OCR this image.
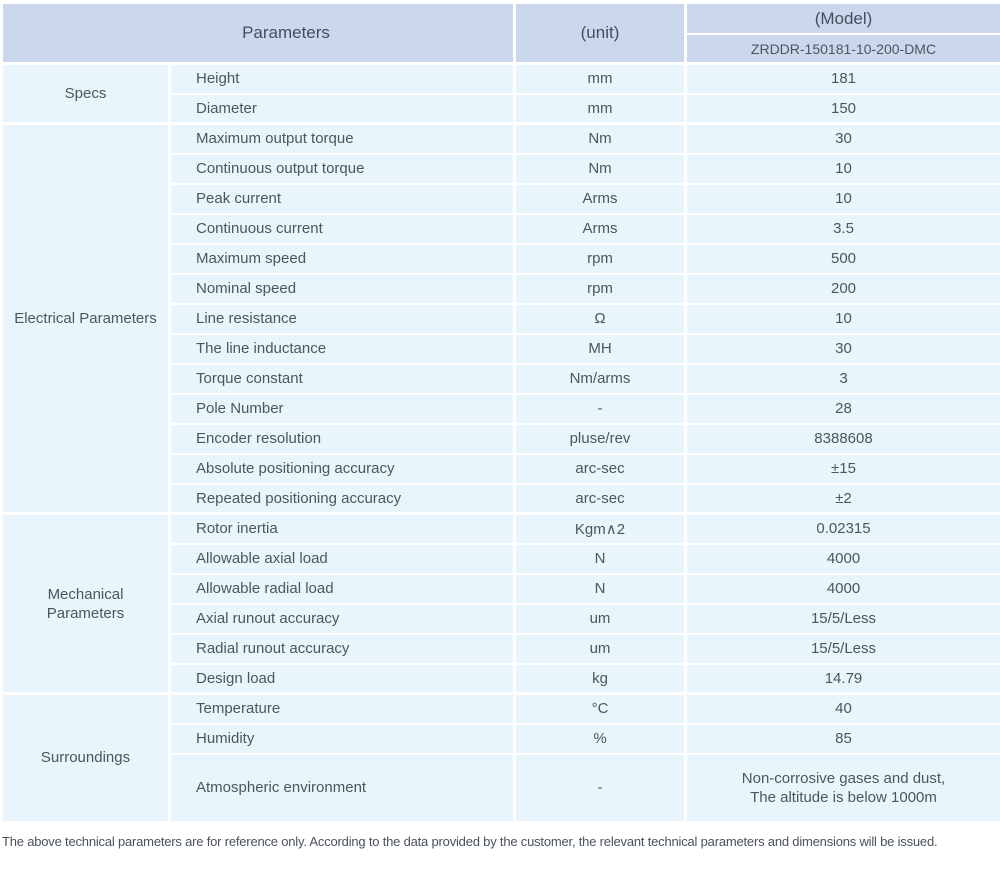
Parameters		(unit)	(Model)
			ZRDDR-150181-10-200-DMC
Specs	Height	mm	181
	Diameter	mm	150
Electrical Parameters	Maximum output torque	Nm	30
	Continuous output torque	Nm	10
	Peak current	Arms	10
	Continuous current	Arms	3.5
	Maximum speed	rpm	500
	Nominal speed	rpm	200
	Line resistance	Ω	10
	The line inductance	MH	30
	Torque constant	Nm/arms	3
	Pole Number	-	28
	Encoder resolution	pluse/rev	8388608
	Absolute positioning accuracy	arc-sec	±15
	Repeated positioning accuracy	arc-sec	±2
Mechanical Parameters	Rotor inertia	Kgm∧2	0.02315
	Allowable axial load	N	4000
	Allowable radial load	N	4000
	Axial runout accuracy	um	15/5/Less
	Radial runout accuracy	um	15/5/Less
	Design load	kg	14.79
Surroundings	Temperature	°C	40
	Humidity	%	85
	Atmospheric environment	-	Non-corrosive gases and dust,
The altitude is below 1000m
The above technical parameters are for reference only. According to the data provided by the customer, the relevant technical parameters and dimensions will be issued.
